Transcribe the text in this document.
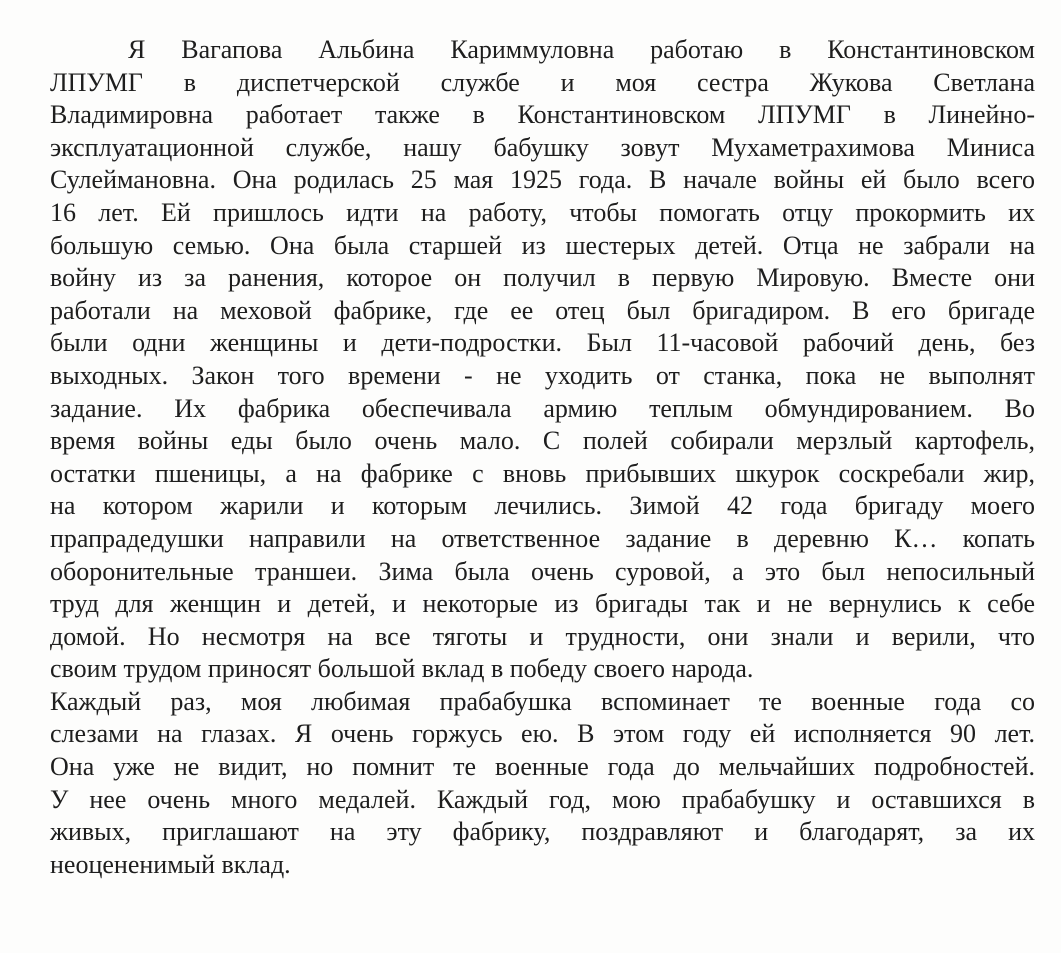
Я Вагапова Альбина Кариммуловна работаю в Константиновском
ЛПУМГ в диспетчерской службе и моя сестра Жукова Светлана
Владимировна работает также в Константиновском ЛПУМГ в Линейно-
эксплуатационной службе, нашу бабушку зовут Мухаметрахимова Миниса
Сулеймановна. Она родилась 25 мая 1925 года. В начале войны ей было всего
16 лет. Ей пришлось идти на работу, чтобы помогать отцу прокормить их
большую семью. Она была старшей из шестерых детей. Отца не забрали на
войну из за ранения, которое он получил в первую Мировую. Вместе они
работали на меховой фабрике, где ее отец был бригадиром. В его бригаде
были одни женщины и дети-подростки. Был 11-часовой рабочий день, без
выходных. Закон того времени - не уходить от станка, пока не выполнят
задание. Их фабрика обеспечивала армию теплым обмундированием. Во
время войны еды было очень мало. С полей собирали мерзлый картофель,
остатки пшеницы, а на фабрике с вновь прибывших шкурок соскребали жир,
на котором жарили и которым лечились. Зимой 42 года бригаду моего
прапрадедушки направили на ответственное задание в деревню К… копать
оборонительные траншеи. Зима была очень суровой, а это был непосильный
труд для женщин и детей, и некоторые из бригады так и не вернулись к себе
домой. Но несмотря на все тяготы и трудности, они знали и верили, что
своим трудом приносят большой вклад в победу своего народа.
Каждый раз, моя любимая прабабушка вспоминает те военные года со
слезами на глазах. Я очень горжусь ею. В этом году ей исполняется 90 лет.
Она уже не видит, но помнит те военные года до мельчайших подробностей.
У нее очень много медалей. Каждый год, мою прабабушку и оставшихся в
живых, приглашают на эту фабрику, поздравляют и благодарят, за их
неоцененимый вклад.
